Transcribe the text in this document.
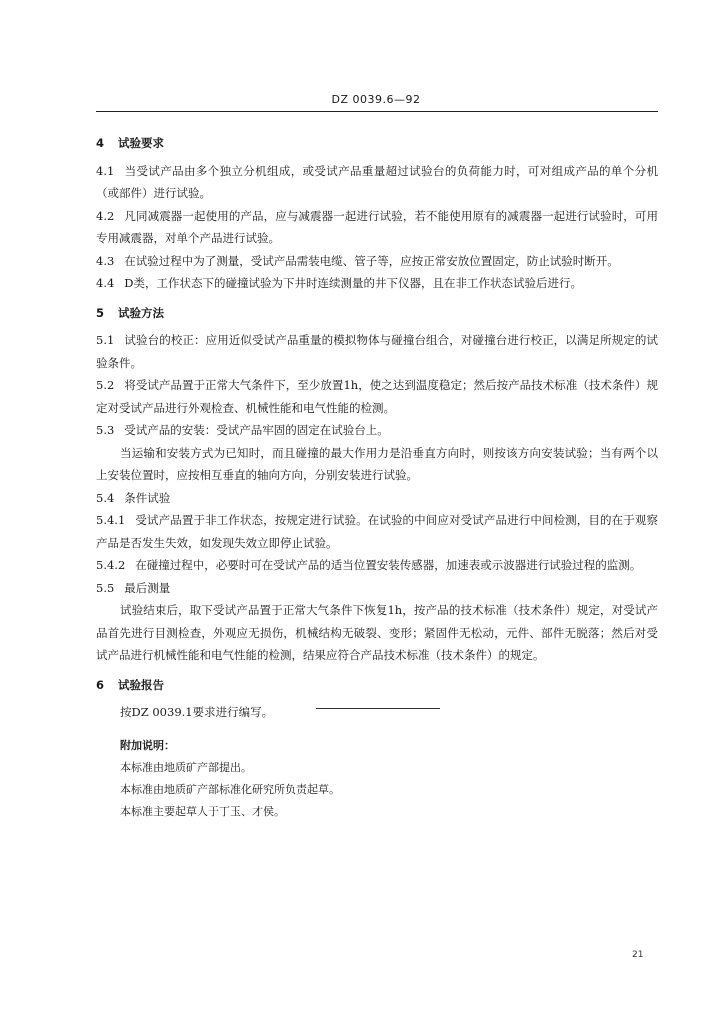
DZ 0039.6—92
4 试验要求

4.1 当受试产品由多个独立分机组成，或受试产品重量超过试验台的负荷能力时，可对组成产品的单个分机（或部件）进行试验。

4.2 凡同减震器一起使用的产品，应与减震器一起进行试验，若不能使用原有的减震器一起进行试验时，可用专用减震器，对单个产品进行试验。

4.3 在试验过程中为了测量，受试产品需装电缆、管子等，应按正常安放位置固定，防止试验时断开。

4.4 D类，工作状态下的碰撞试验为下井时连续测量的井下仪器，且在非工作状态试验后进行。

5 试验方法

5.1 试验台的校正：应用近似受试产品重量的模拟物体与碰撞台组合，对碰撞台进行校正，以满足所规定的试验条件。

5.2 将受试产品置于正常大气条件下，至少放置1h，使之达到温度稳定；然后按产品技术标准（技术条件）规定对受试产品进行外观检查、机械性能和电气性能的检测。

5.3 受试产品的安装：受试产品牢固的固定在试验台上。

当运输和安装方式为已知时，而且碰撞的最大作用力是沿垂直方向时，则按该方向安装试验；当有两个以上安装位置时，应按相互垂直的轴向方向，分别安装进行试验。

5.4 条件试验

5.4.1 受试产品置于非工作状态，按规定进行试验。在试验的中间应对受试产品进行中间检测，目的在于观察产品是否发生失效，如发现失效立即停止试验。

5.4.2 在碰撞过程中，必要时可在受试产品的适当位置安装传感器，加速表或示波器进行试验过程的监测。

5.5 最后测量

试验结束后，取下受试产品置于正常大气条件下恢复1h，按产品的技术标准（技术条件）规定，对受试产品首先进行目测检查，外观应无损伤，机械结构无破裂、变形；紧固件无松动，元件、部件无脱落；然后对受试产品进行机械性能和电气性能的检测，结果应符合产品技术标准（技术条件）的规定。

6 试验报告

按DZ 0039.1要求进行编写。

附加说明：
本标准由地质矿产部提出。
本标准由地质矿产部标准化研究所负责起草。
本标准主要起草人于丁玉、才侯。
21
